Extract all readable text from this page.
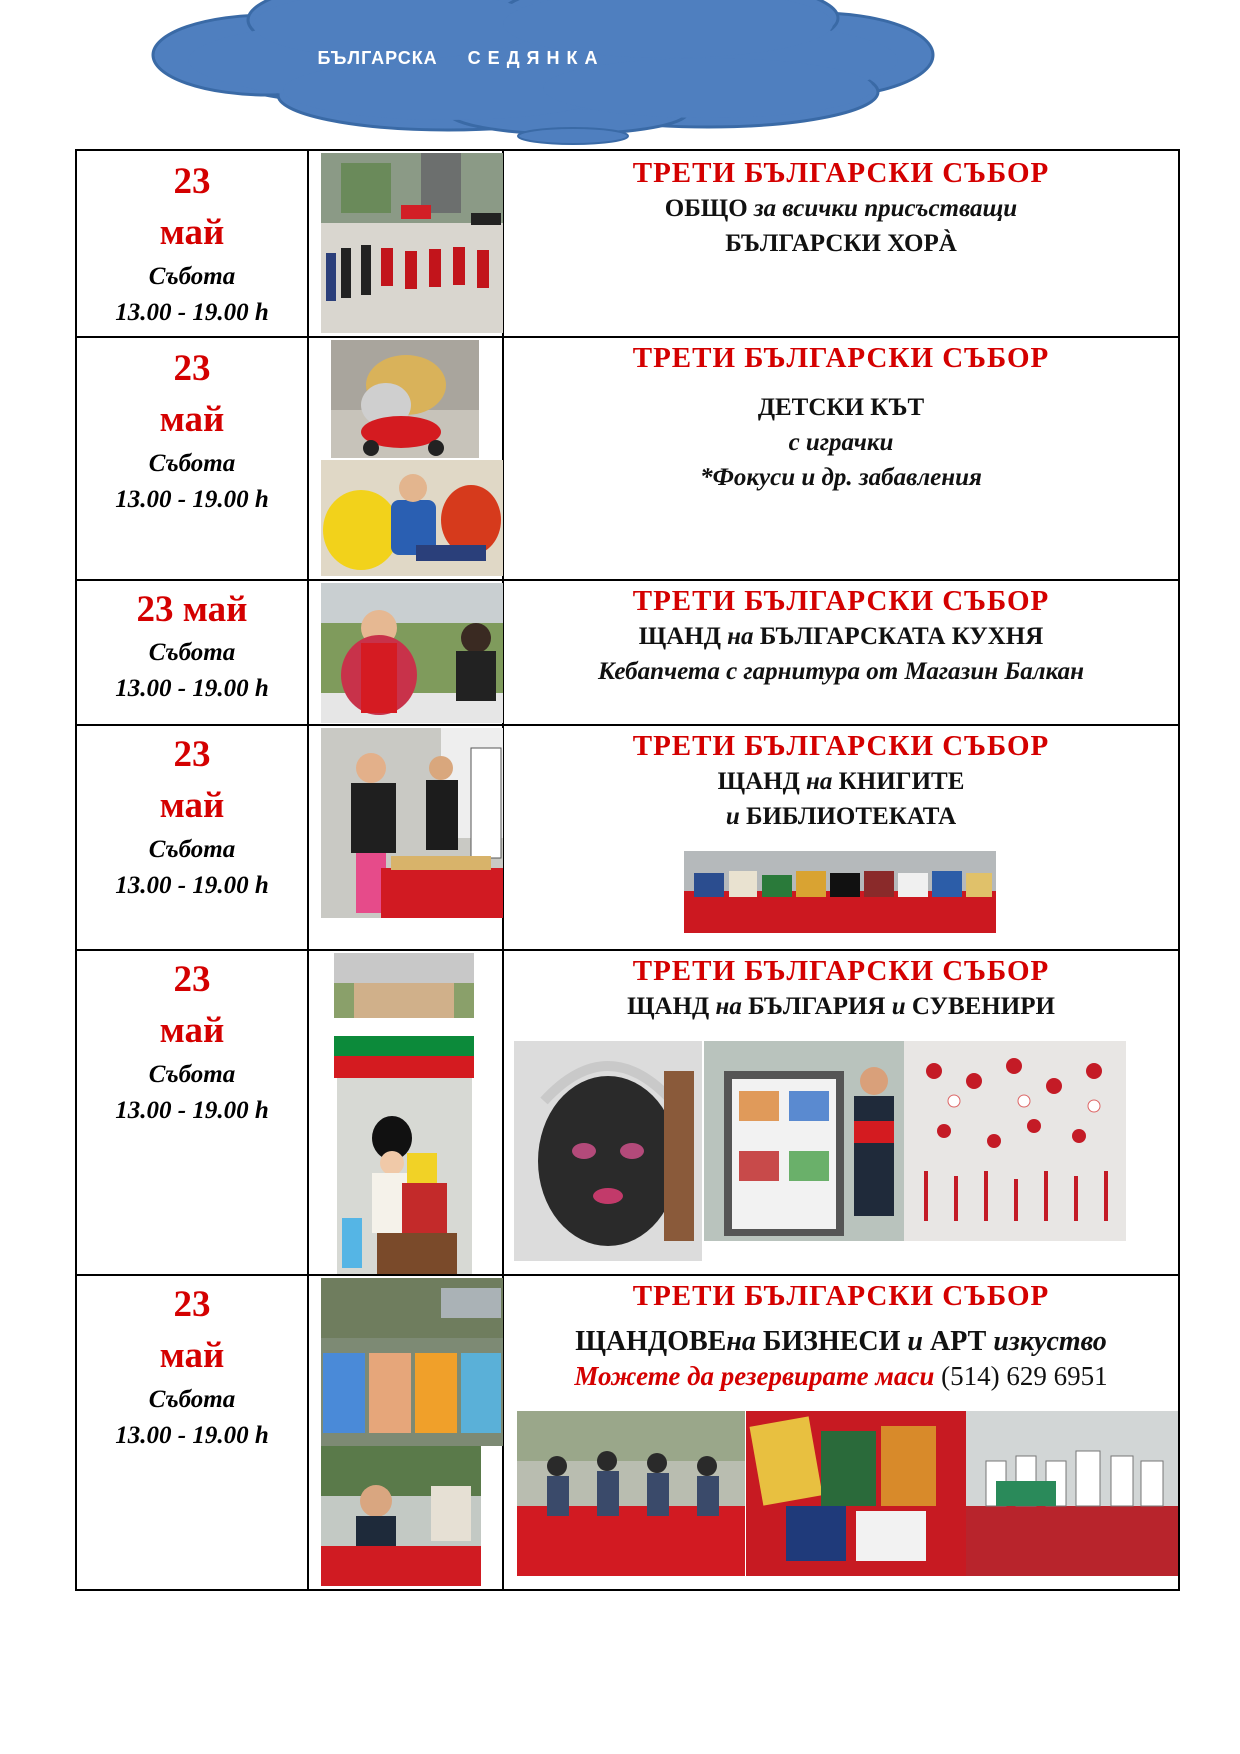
БЪЛГАРСКА     С Е Д Я Н К А
23
май
Събота
13.00 - 19.00 h
ТРЕТИ БЪЛГАРСКИ СЪБОР
ОБЩО за всички присъстващи
БЪЛГАРСКИ ХОРÀ
23
май
Събота
13.00 - 19.00 h
ТРЕТИ БЪЛГАРСКИ СЪБОР
ДЕТСКИ КЪТ
с играчки
*Фокуси и др. забавления
23 май
Събота
13.00 - 19.00 h
ТРЕТИ БЪЛГАРСКИ СЪБОР
ЩАНД на БЪЛГАРСКАТА КУХНЯ
Кебапчета с гарнитура от Магазин Балкан
23
май
Събота
13.00 - 19.00 h
ТРЕТИ БЪЛГАРСКИ СЪБОР
ЩАНД на КНИГИТЕ
и БИБЛИОТЕКАТА
23
май
Събота
13.00 - 19.00 h
ТРЕТИ БЪЛГАРСКИ СЪБОР
ЩАНД на БЪЛГАРИЯ и СУВЕНИРИ
23
май
Събота
13.00 - 19.00 h
ТРЕТИ БЪЛГАРСКИ СЪБОР
ЩАНДОВЕна БИЗНЕСИ и АРТ изкуство
Можете да резервирате маси (514) 629 6951
